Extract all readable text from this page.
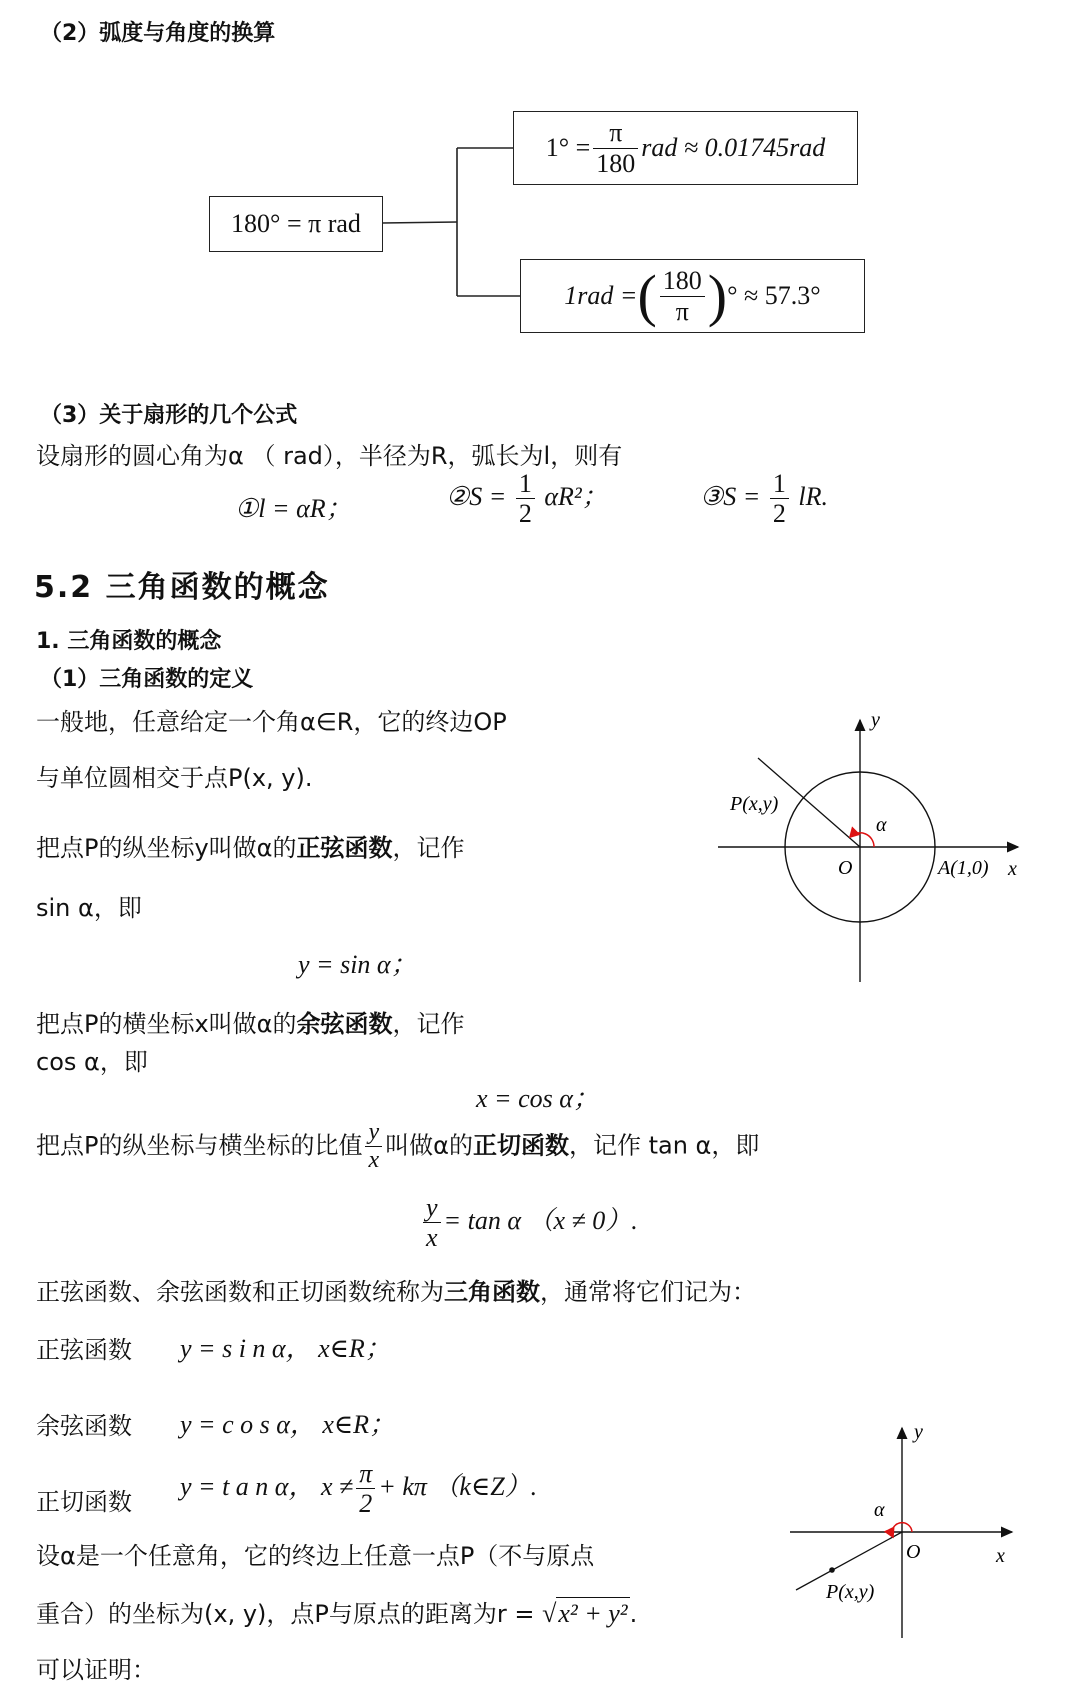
（2）弧度与角度的换算
180° = π rad
$1^\circ = \frac{\pi}{180}$ rad ≈ 0.01745rad
1rad = ( $\frac{180}{\pi}$ ) ° ≈ 57.3°
（3）关于扇形的几个公式
设扇形的圆心角为α （ rad），半径为R，弧长为l，则有
①l = αR；	②S = $\frac{1}{2} \alpha R^2$；	③S = $\frac{1}{2}$ lR.
5.2 三角函数的概念
1. 三角函数的概念
（1）三角函数的定义
一般地，任意给定一个角α∈R，它的终边OP
与单位圆相交于点P(x, y).
把点P的纵坐标y叫做α的正弦函数，记作
sin α，即
y = sin α；
把点P的横坐标x叫做α的余弦函数，记作
cos α，即
x = cos α；
把点P的纵坐标与横坐标的比值 $\frac{y}{x}$ 叫做α的正切函数，记作 tan α，即
$\frac{y}{x} = \tan \alpha$ （x ≠ 0）.
正弦函数、余弦函数和正切函数统称为三角函数，通常将它们记为：
正弦函数 y = s i n α， x∈R；
余弦函数 y = c o s α， x∈R；
正切函数
y = t a n α， $x \ne \frac{\pi}{2} + k\pi$ （k∈Z）.
设α是一个任意角，它的终边上任意一点P（不与原点
重合）的坐标为(x, y)，点P与原点的距离为r = √x² + y².
可以证明：
y
x
P(x,y)
α
O	A(1,0)
y
x
α
O
P(x,y)
